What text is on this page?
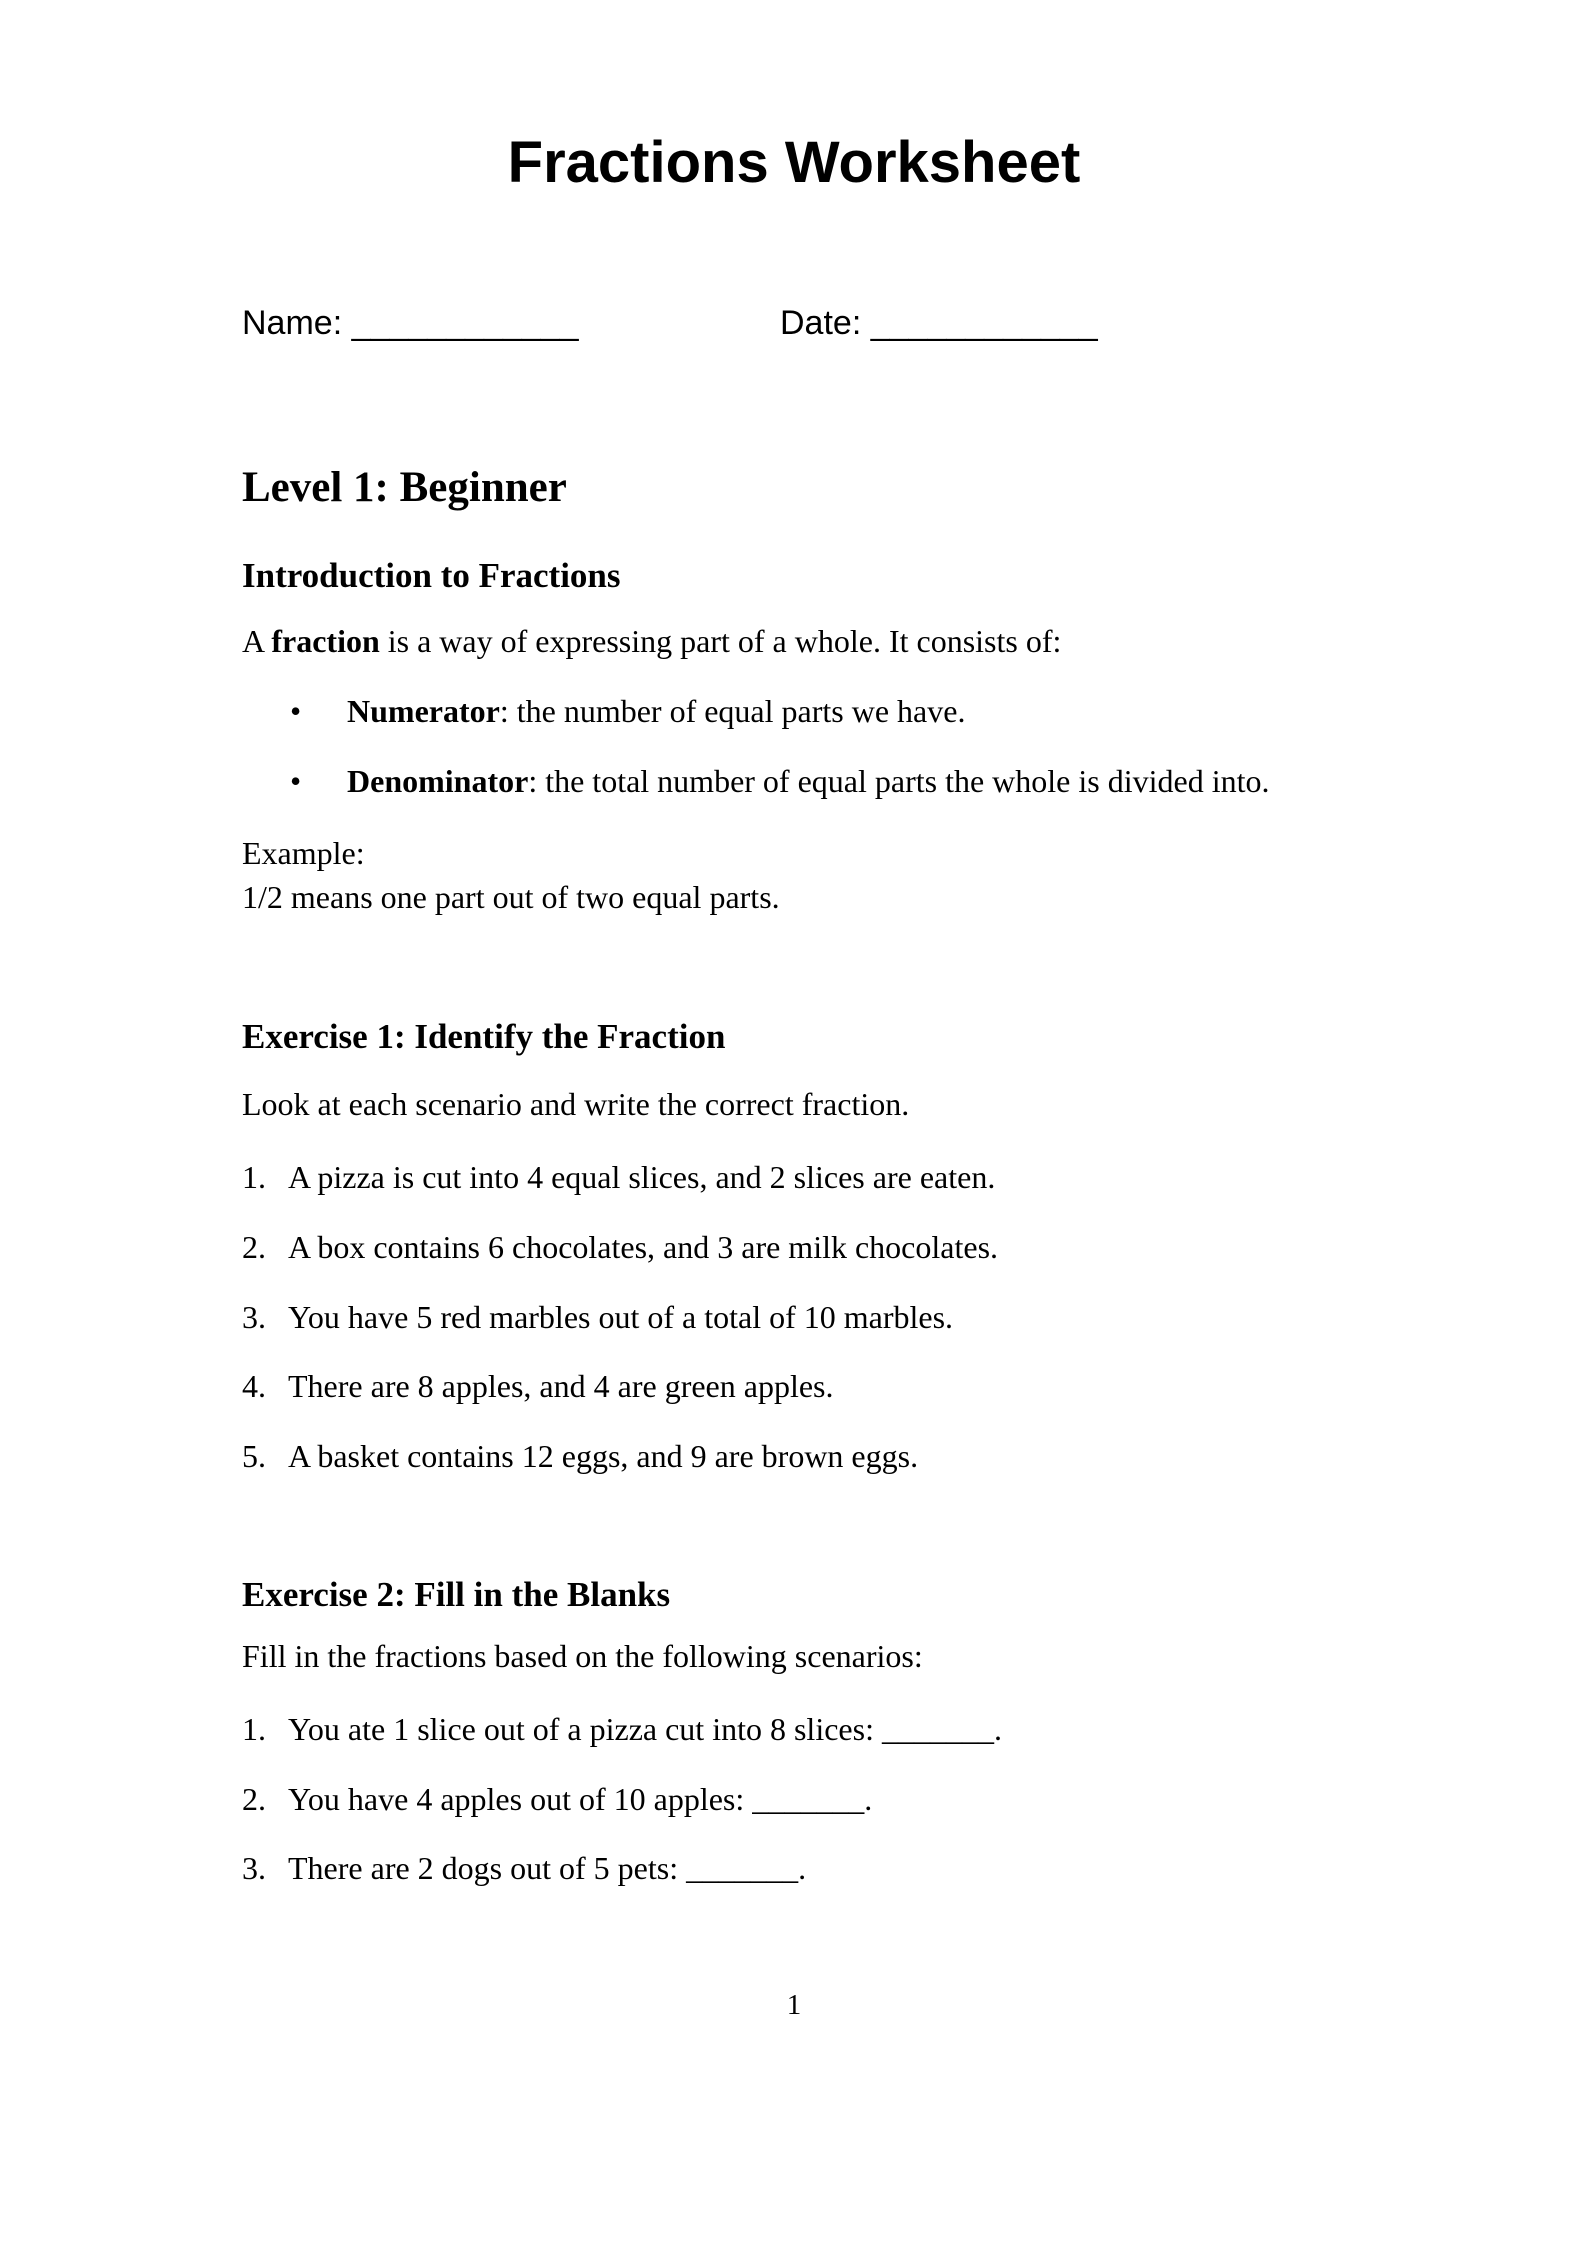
Fractions Worksheet
Name: ____________	Date: ____________
Level 1: Beginner
Introduction to Fractions

A fraction is a way of expressing part of a whole. It consists of:

•	Numerator: the number of equal parts we have.
•	Denominator: the total number of equal parts the whole is divided into.

Example:
1/2 means one part out of two equal parts.

Exercise 1: Identify the Fraction

Look at each scenario and write the correct fraction.

1. A pizza is cut into 4 equal slices, and 2 slices are eaten.
2. A box contains 6 chocolates, and 3 are milk chocolates.
3. You have 5 red marbles out of a total of 10 marbles.
4. There are 8 apples, and 4 are green apples.
5. A basket contains 12 eggs, and 9 are brown eggs.
Exercise 2: Fill in the Blanks

Fill in the fractions based on the following scenarios:

1. You ate 1 slice out of a pizza cut into 8 slices: _______.
2. You have 4 apples out of 10 apples: _______.
3. There are 2 dogs out of 5 pets: _______.
1
